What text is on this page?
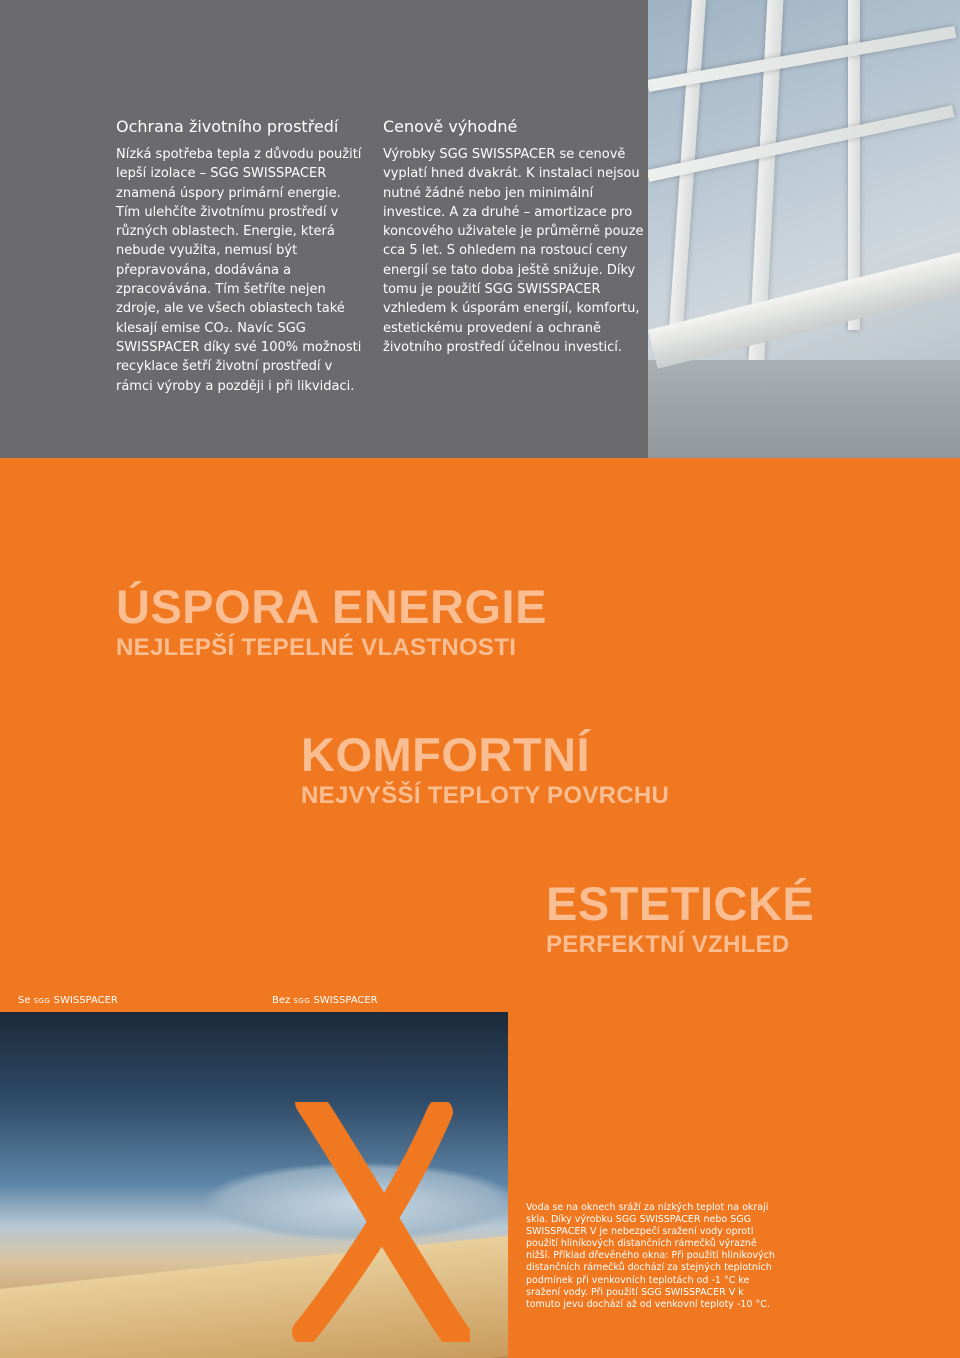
Ochrana životního prostředí

Nízká spotřeba tepla z důvodu použití lepší izolace – SGG SWISSPACER znamená úspory primární energie. Tím ulehčíte životnímu prostředí v různých oblastech. Energie, která nebude využita, nemusí být přepravována, dodávána a zpracovávána. Tím šetříte nejen zdroje, ale ve všech oblastech také klesají emise CO₂. Navíc SGG SWISSPACER díky své 100% možnosti recyklace šetří životní prostředí v rámci výroby a později i při likvidaci.

Cenově výhodné

Výrobky SGG SWISSPACER se cenově vyplatí hned dvakrát. K instalaci nejsou nutné žádné nebo jen minimální investice. A za druhé – amortizace pro koncového uživatele je průměrně pouze cca 5 let. S ohledem na rostoucí ceny energií se tato doba ještě snižuje. Díky tomu je použití SGG SWISSPACER vzhledem k úsporám energií, komfortu, estetickému provedení a ochraně životního prostředí účelnou investicí.

ÚSPORA ENERGIE
NEJLEPŠÍ TEPELNÉ VLASTNOSTI
KOMFORTNÍ
NEJVYŠŠÍ TEPLOTY POVRCHU
ESTETICKÉ
PERFEKTNÍ VZHLED
Se SGG SWISSPACER	Bez SGG SWISSPACER

Voda se na oknech sráží za nízkých teplot na okraji skla. Díky výrobku SGG SWISSPACER nebo SGG SWISSPACER V je nebezpečí sražení vody oproti použití hliníkových distančních rámečků výrazně nižší. Příklad dřevěného okna: Při použití hliníkových distančních rámečků dochází za stejných teplotních podmínek při venkovních teplotách od -1 °C ke sražení vody. Při použití SGG SWISSPACER V k tomuto jevu dochází až od venkovní teploty -10 °C.
